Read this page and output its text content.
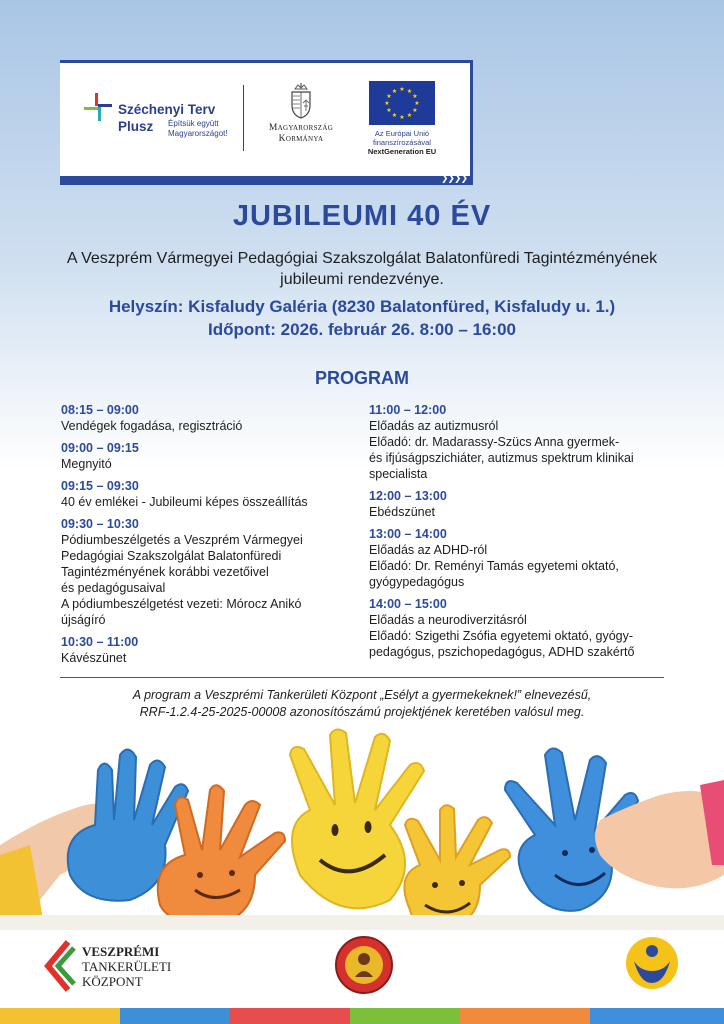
Széchenyi Terv
Plusz Építsük együtt Magyarországot!
Magyarország
Kormánya
★ ★
★
★
★
★
★
★
★
★
★
★
Az Európai Unió finanszírozásával
NextGeneration EU
❯❯❯❯
JUBILEUMI 40 ÉV
A Veszprém Vármegyei Pedagógiai Szakszolgálat Balatonfüredi Tagintézményének jubileumi rendezvénye.
Helyszín: Kisfaludy Galéria (8230 Balatonfüred, Kisfaludy u. 1.)
Időpont: 2026. február 26. 8:00 – 16:00
PROGRAM
08:15 – 09:00
Vendégek fogadása, regisztráció
09:00 – 09:15
Megnyitó
09:15 – 09:30
40 év emlékei - Jubileumi képes összeállítás
09:30 – 10:30
Pódiumbeszélgetés a Veszprém Vármegyei
Pedagógiai Szakszolgálat Balatonfüredi
Tagintézményének korábbi vezetőivel
és pedagógusaival
A pódiumbeszélgetést vezeti: Mórocz Anikó
újságíró
10:30 – 11:00
Kávészünet
11:00 – 12:00
Előadás az autizmusról
Előadó: dr. Madarassy-Szücs Anna gyermek-
és ifjúságpszichiáter, autizmus spektrum klinikai
specialista
12:00 – 13:00
Ebédszünet
13:00 – 14:00
Előadás az ADHD-ról
Előadó: Dr. Reményi Tamás egyetemi oktató,
gyógypedagógus
14:00 – 15:00
Előadás a neurodiverzitásról
Előadó: Szigethi Zsófia egyetemi oktató, gyógy-
pedagógus, pszichopedagógus, ADHD szakértő
A program a Veszprémi Tankerületi Központ „Esélyt a gyermekeknek!” elnevezésű,
RRF-1.2.4-25-2025-00008 azonosítószámú projektjének keretében valósul meg.
VESZPRÉMI
TANKERÜLETI
KÖZPONT
